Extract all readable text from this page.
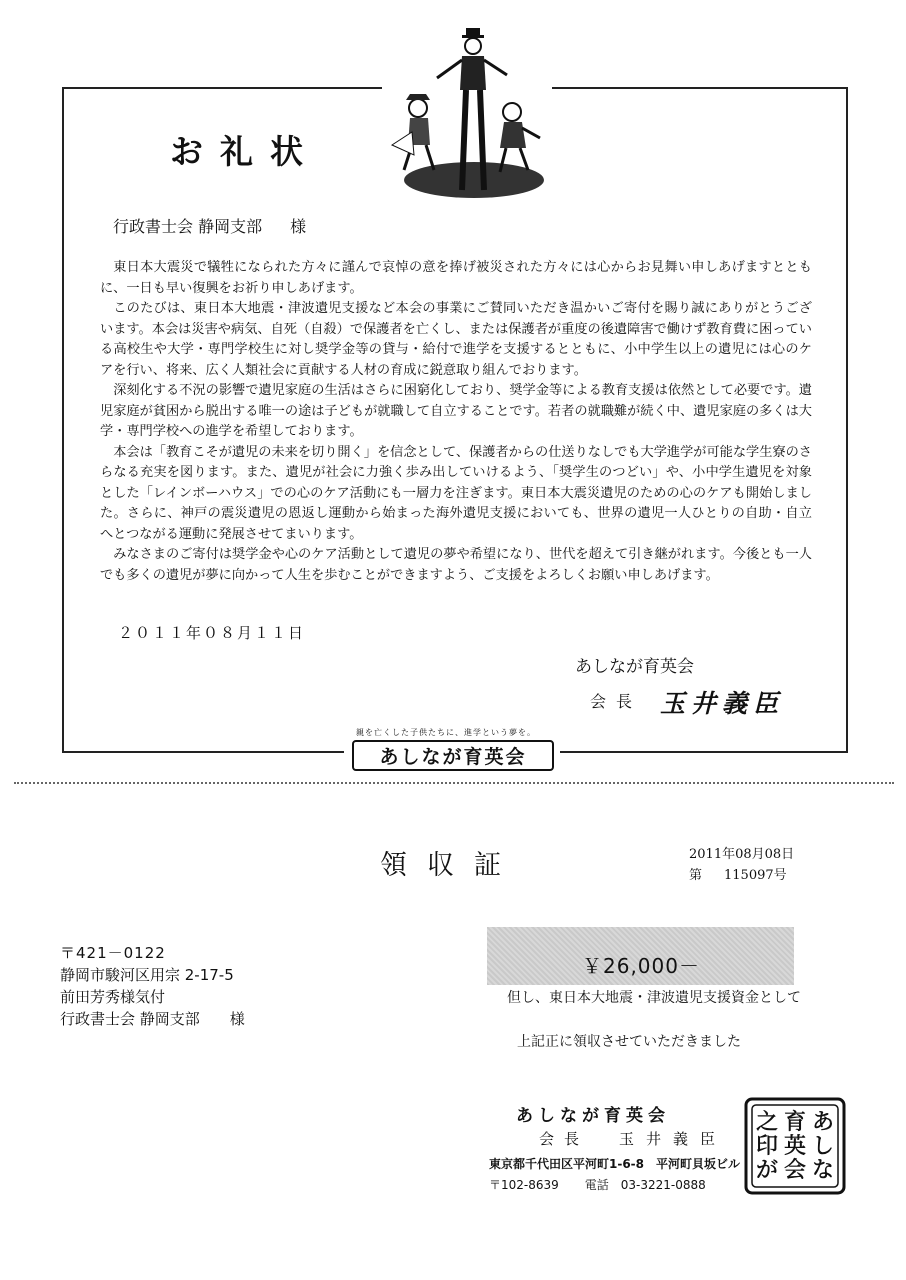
お礼状
行政書士会 静岡支部 様

東日本大震災で犠牲になられた方々に謹んで哀悼の意を捧げ被災された方々には心からお見舞い申しあげますとともに、一日も早い復興をお祈り申しあげます。

このたびは、東日本大地震・津波遺児支援など本会の事業にご賛同いただき温かいご寄付を賜り誠にありがとうございます。本会は災害や病気、自死（自殺）で保護者を亡くし、または保護者が重度の後遺障害で働けず教育費に困っている高校生や大学・専門学校生に対し奨学金等の貸与・給付で進学を支援するとともに、小中学生以上の遺児には心のケアを行い、将来、広く人類社会に貢献する人材の育成に鋭意取り組んでおります。

深刻化する不況の影響で遺児家庭の生活はさらに困窮化しており、奨学金等による教育支援は依然として必要です。遺児家庭が貧困から脱出する唯一の途は子どもが就職して自立することです。若者の就職難が続く中、遺児家庭の多くは大学・専門学校への進学を希望しております。

本会は「教育こそが遺児の未来を切り開く」を信念として、保護者からの仕送りなしでも大学進学が可能な学生寮のさらなる充実を図ります。また、遺児が社会に力強く歩み出していけるよう、「奨学生のつどい」や、小中学生遺児を対象とした「レインボーハウス」での心のケア活動にも一層力を注ぎます。東日本大震災遺児のための心のケアも開始しました。さらに、神戸の震災遺児の恩返し運動から始まった海外遺児支援においても、世界の遺児一人ひとりの自助・自立へとつながる運動に発展させてまいります。

みなさまのご寄付は奨学金や心のケア活動として遺児の夢や希望になり、世代を超えて引き継がれます。今後とも一人でも多くの遺児が夢に向かって人生を歩むことができますよう、ご支援をよろしくお願い申しあげます。

２０１１年０８月１１日
あしなが育英会
会長 玉井義臣
親を亡くした子供たちに、進学という夢を。
あしなが育英会
領収証	2011年08月08日
第 115097号
〒421－0122
静岡市駿河区用宗 2-17-5
前田芳秀様気付
行政書士会 静岡支部 様
￥26,000－
但し、東日本大地震・津波遺児支援資金として
上記正に領収させていただきました
あしなが育英会
会長 玉井義臣
東京都千代田区平河町1-6-8　平河町貝坂ビル
〒102-8639 電話　03-3221-0888
あ
し
な
育
英
会
之
印
が
